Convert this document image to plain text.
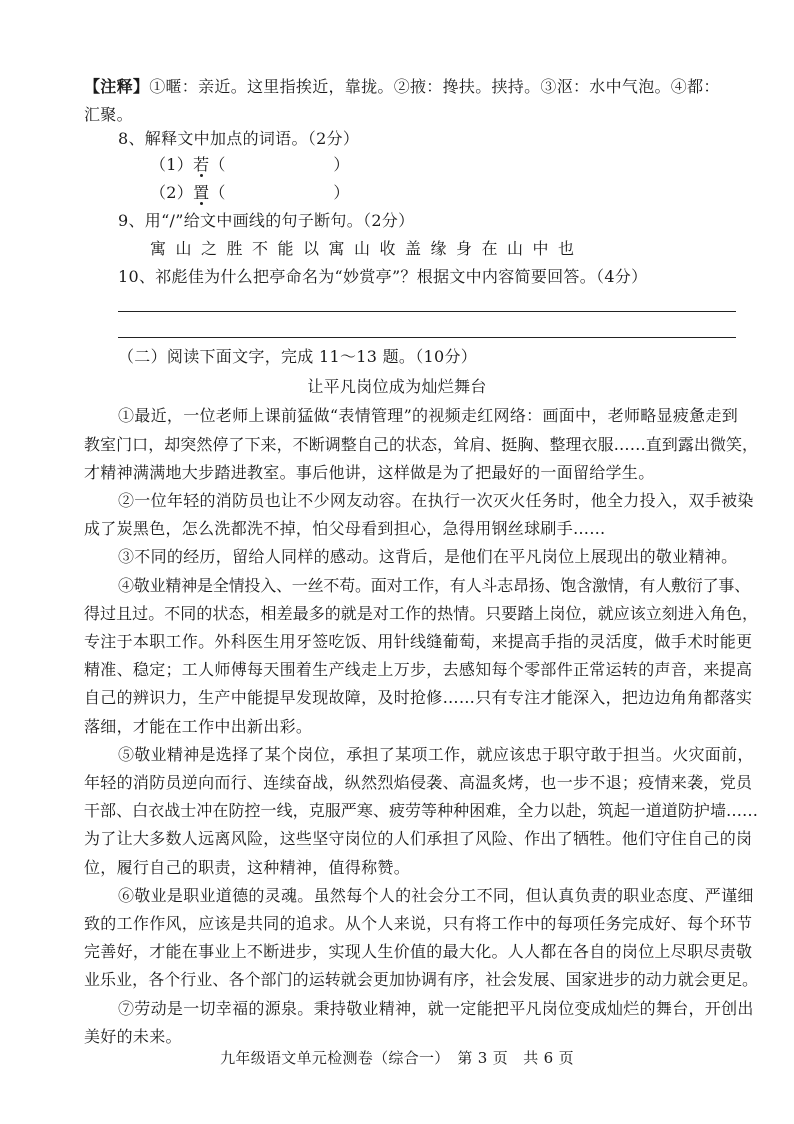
【注释】①暱：亲近。这里指挨近，靠拢。②掖：搀扶。挟持。③沤：水中气泡。④都：
汇聚。
8、解释文中加点的词语。（2分）
（1）若（                    ）
（2）置（                    ）
9、用“/”给文中画线的句子断句。（2分）
寓山之胜不能以寓山收盖缘身在山中也
10、祁彪佳为什么把亭命名为“妙赏亭”？根据文中内容简要回答。（4分）
（二）阅读下面文字，完成 11～13 题。（10分）
让平凡岗位成为灿烂舞台
①最近，一位老师上课前猛做“表情管理”的视频走红网络：画面中，老师略显疲惫走到
教室门口，却突然停了下来，不断调整自己的状态，耸肩、挺胸、整理衣服……直到露出微笑，
才精神满满地大步踏进教室。事后他讲，这样做是为了把最好的一面留给学生。
②一位年轻的消防员也让不少网友动容。在执行一次灭火任务时，他全力投入，双手被染
成了炭黑色，怎么洗都洗不掉，怕父母看到担心，急得用钢丝球刷手……
③不同的经历，留给人同样的感动。这背后，是他们在平凡岗位上展现出的敬业精神。
④敬业精神是全情投入、一丝不苟。面对工作，有人斗志昂扬、饱含激情，有人敷衍了事、
得过且过。不同的状态，相差最多的就是对工作的热情。只要踏上岗位，就应该立刻进入角色，
专注于本职工作。外科医生用牙签吃饭、用针线缝葡萄，来提高手指的灵活度，做手术时能更
精准、稳定；工人师傅每天围着生产线走上万步，去感知每个零部件正常运转的声音，来提高
自己的辨识力，生产中能提早发现故障，及时抢修……只有专注才能深入，把边边角角都落实
落细，才能在工作中出新出彩。
⑤敬业精神是选择了某个岗位，承担了某项工作，就应该忠于职守敢于担当。火灾面前，
年轻的消防员逆向而行、连续奋战，纵然烈焰侵袭、高温炙烤，也一步不退；疫情来袭，党员
干部、白衣战士冲在防控一线，克服严寒、疲劳等种种困难，全力以赴，筑起一道道防护墙……
为了让大多数人远离风险，这些坚守岗位的人们承担了风险、作出了牺牲。他们守住自己的岗
位，履行自己的职责，这种精神，值得称赞。
⑥敬业是职业道德的灵魂。虽然每个人的社会分工不同，但认真负责的职业态度、严谨细
致的工作作风，应该是共同的追求。从个人来说，只有将工作中的每项任务完成好、每个环节
完善好，才能在事业上不断进步，实现人生价值的最大化。人人都在各自的岗位上尽职尽责敬
业乐业，各个行业、各个部门的运转就会更加协调有序，社会发展、国家进步的动力就会更足。
⑦劳动是一切幸福的源泉。秉持敬业精神，就一定能把平凡岗位变成灿烂的舞台，开创出
美好的未来。
九年级语文单元检测卷（综合一）　第 3 页　共 6 页
